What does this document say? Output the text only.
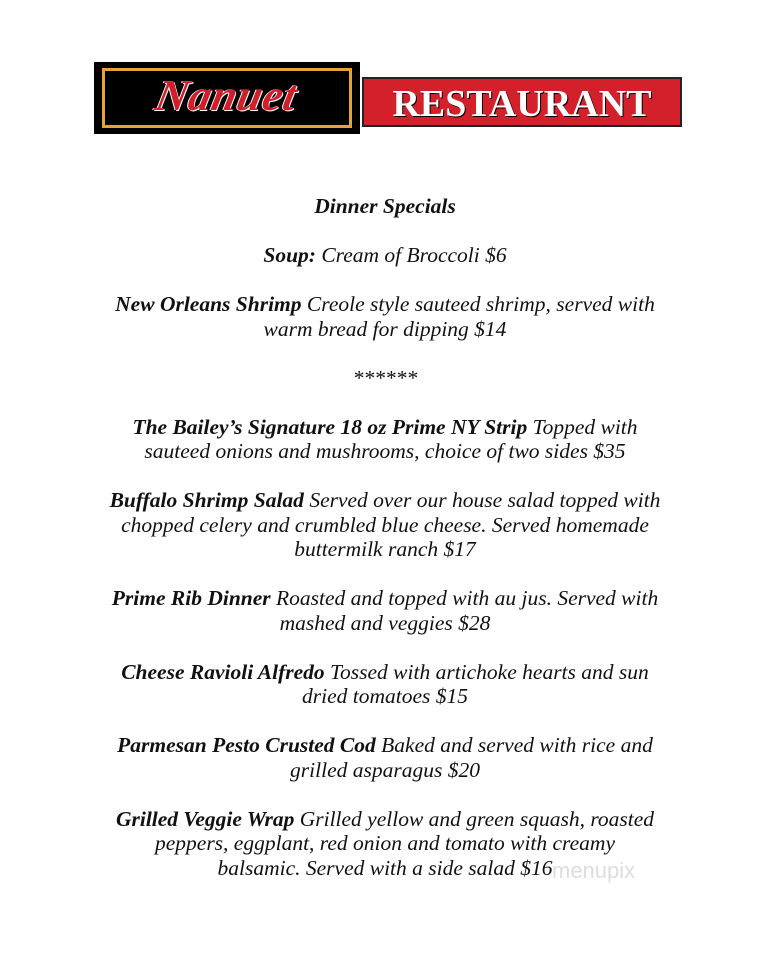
Nanuet	RESTAURANT
Dinner Specials
Soup: Cream of Broccoli $6
New Orleans Shrimp Creole style sauteed shrimp, served with
warm bread for dipping $14
******
The Bailey’s Signature 18 oz Prime NY Strip Topped with
sauteed onions and mushrooms, choice of two sides $35
Buffalo Shrimp Salad Served over our house salad topped with
chopped celery and crumbled blue cheese. Served homemade
buttermilk ranch $17
Prime Rib Dinner Roasted and topped with au jus. Served with
mashed and veggies $28
Cheese Ravioli Alfredo Tossed with artichoke hearts and sun
dried tomatoes $15
Parmesan Pesto Crusted Cod Baked and served with rice and
grilled asparagus $20
Grilled Veggie Wrap Grilled yellow and green squash, roasted
peppers, eggplant, red onion and tomato with creamy
balsamic. Served with a side salad $16 menupix
